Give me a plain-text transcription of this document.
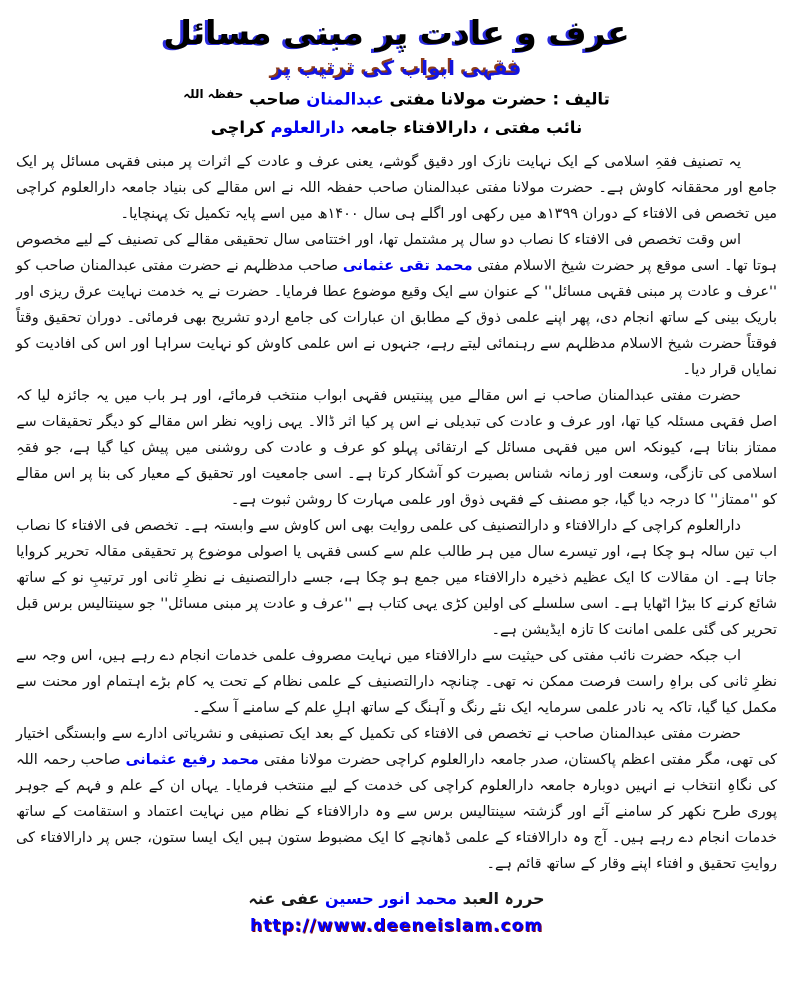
عرف و عادت پر مبنی مسائل
فقہی ابواب کی ترتیب پر
تالیف : حضرت مولانا مفتی عبدالمنان صاحب $^{حفظہ اللہ}$
نائب مفتی ، دارالافتاء جامعہ دارالعلوم کراچی

یہ تصنیف فقہِ اسلامی کے ایک نہایت نازک اور دقیق گوشے، یعنی عرف و عادت کے اثرات پر مبنی فقہی مسائل پر ایک جامع اور محققانہ کاوش ہے۔ حضرت مولانا مفتی عبدالمنان صاحب حفظہ اللہ نے اس مقالے کی بنیاد جامعہ دارالعلوم کراچی میں تخصص فی الافتاء کے دوران ۱۳۹۹ھ میں رکھی اور اگلے ہی سال ۱۴۰۰ھ میں اسے پایہ تکمیل تک پہنچایا۔

اس وقت تخصص فی الافتاء کا نصاب دو سال پر مشتمل تھا، اور اختتامی سال تحقیقی مقالے کی تصنیف کے لیے مخصوص ہوتا تھا۔ اسی موقع پر حضرت شیخ الاسلام مفتی محمد تقی عثمانی صاحب مدظلہم نے حضرت مفتی عبدالمنان صاحب کو ''عرف و عادت پر مبنی فقہی مسائل'' کے عنوان سے ایک وقیع موضوع عطا فرمایا۔ حضرت نے یہ خدمت نہایت عرق ریزی اور باریک بینی کے ساتھ انجام دی، پھر اپنے علمی ذوق کے مطابق ان عبارات کی جامع اردو تشریح بھی فرمائی۔ دوران تحقیق وقتاً فوقتاً حضرت شیخ الاسلام مدظلہم سے رہنمائی لیتے رہے، جنہوں نے اس علمی کاوش کو نہایت سراہا اور اس کی افادیت کو نمایاں قرار دیا۔

حضرت مفتی عبدالمنان صاحب نے اس مقالے میں پینتیس فقہی ابواب منتخب فرمائے، اور ہر باب میں یہ جائزہ لیا کہ اصل فقہی مسئلہ کیا تھا، اور عرف و عادت کی تبدیلی نے اس پر کیا اثر ڈالا۔ یہی زاویہ نظر اس مقالے کو دیگر تحقیقات سے ممتاز بناتا ہے، کیونکہ اس میں فقہی مسائل کے ارتقائی پہلو کو عرف و عادت کی روشنی میں پیش کیا گیا ہے، جو فقہِ اسلامی کی تازگی، وسعت اور زمانہ شناس بصیرت کو آشکار کرتا ہے۔ اسی جامعیت اور تحقیق کے معیار کی بنا پر اس مقالے کو ''ممتاز'' کا درجہ دیا گیا، جو مصنف کے فقہی ذوق اور علمی مہارت کا روشن ثبوت ہے۔

دارالعلوم کراچی کے دارالافتاء و دارالتصنیف کی علمی روایت بھی اس کاوش سے وابستہ ہے۔ تخصص فی الافتاء کا نصاب اب تین سالہ ہو چکا ہے، اور تیسرے سال میں ہر طالب علم سے کسی فقہی یا اصولی موضوع پر تحقیقی مقالہ تحریر کروایا جاتا ہے۔ ان مقالات کا ایک عظیم ذخیرہ دارالافتاء میں جمع ہو چکا ہے، جسے دارالتصنیف نے نظرِ ثانی اور ترتیبِ نو کے ساتھ شائع کرنے کا بیڑا اٹھایا ہے۔ اسی سلسلے کی اولین کڑی یہی کتاب ہے ''عرف و عادت پر مبنی مسائل'' جو سینتالیس برس قبل تحریر کی گئی علمی امانت کا تازہ ایڈیشن ہے۔

اب جبکہ حضرت نائب مفتی کی حیثیت سے دارالافتاء میں نہایت مصروف علمی خدمات انجام دے رہے ہیں، اس وجہ سے نظرِ ثانی کی براہِ راست فرصت ممکن نہ تھی۔ چنانچہ دارالتصنیف کے علمی نظام کے تحت یہ کام بڑے اہتمام اور محنت سے مکمل کیا گیا، تاکہ یہ نادر علمی سرمایہ ایک نئے رنگ و آہنگ کے ساتھ اہلِ علم کے سامنے آ سکے۔

حضرت مفتی عبدالمنان صاحب نے تخصص فی الافتاء کی تکمیل کے بعد ایک تصنیفی و نشریاتی ادارے سے وابستگی اختیار کی تھی، مگر مفتی اعظم پاکستان، صدر جامعہ دارالعلوم کراچی حضرت مولانا مفتی محمد رفیع عثمانی صاحب رحمہ اللہ کی نگاہِ انتخاب نے انہیں دوبارہ جامعہ دارالعلوم کراچی کی خدمت کے لیے منتخب فرمایا۔ یہاں ان کے علم و فہم کے جوہر پوری طرح نکھر کر سامنے آئے اور گزشتہ سینتالیس برس سے وہ دارالافتاء کے نظام میں نہایت اعتماد و استقامت کے ساتھ خدمات انجام دے رہے ہیں۔ آج وہ دارالافتاء کے علمی ڈھانچے کا ایک مضبوط ستون ہیں ایک ایسا ستون، جس پر دارالافتاء کی روایتِ تحقیق و افتاء اپنے وقار کے ساتھ قائم ہے۔

حررہ العبد محمد انور حسین عفی عنہ
http://www.deeneislam.com
